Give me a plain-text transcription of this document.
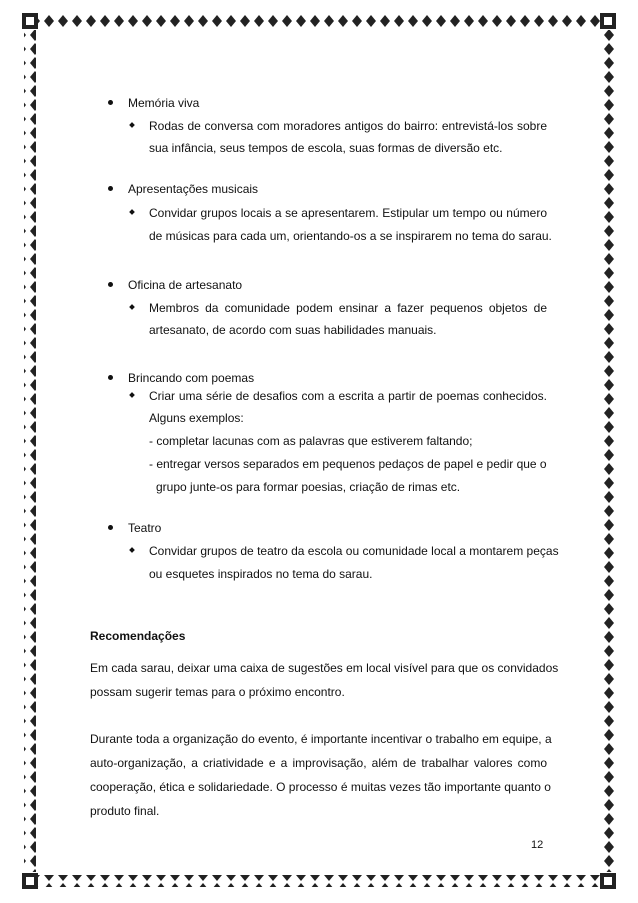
Memória viva
Rodas de conversa com moradores antigos do bairro: entrevistá-los sobre
sua infância, seus tempos de escola, suas formas de diversão etc.
Apresentações musicais
Convidar grupos locais a se apresentarem. Estipular um tempo ou número
de músicas para cada um, orientando-os a se inspirarem no tema do sarau.
Oficina de artesanato
Membros da comunidade podem ensinar a fazer pequenos objetos de
artesanato, de acordo com suas habilidades manuais.
Brincando com poemas
Criar uma série de desafios com a escrita a partir de poemas conhecidos.
Alguns exemplos:
- completar lacunas com as palavras que estiverem faltando;
- entregar versos separados em pequenos pedaços de papel e pedir que o
grupo junte-os para formar poesias, criação de rimas etc.
Teatro
Convidar grupos de teatro da escola ou comunidade local a montarem peças
ou esquetes inspirados no tema do sarau.
Recomendações
Em cada sarau, deixar uma caixa de sugestões em local visível para que os convidados
possam sugerir temas para o próximo encontro.
Durante toda a organização do evento, é importante incentivar o trabalho em equipe, a
auto-organização, a criatividade e a improvisação, além de trabalhar valores como
cooperação, ética e solidariedade. O processo é muitas vezes tão importante quanto o
produto final.
12
